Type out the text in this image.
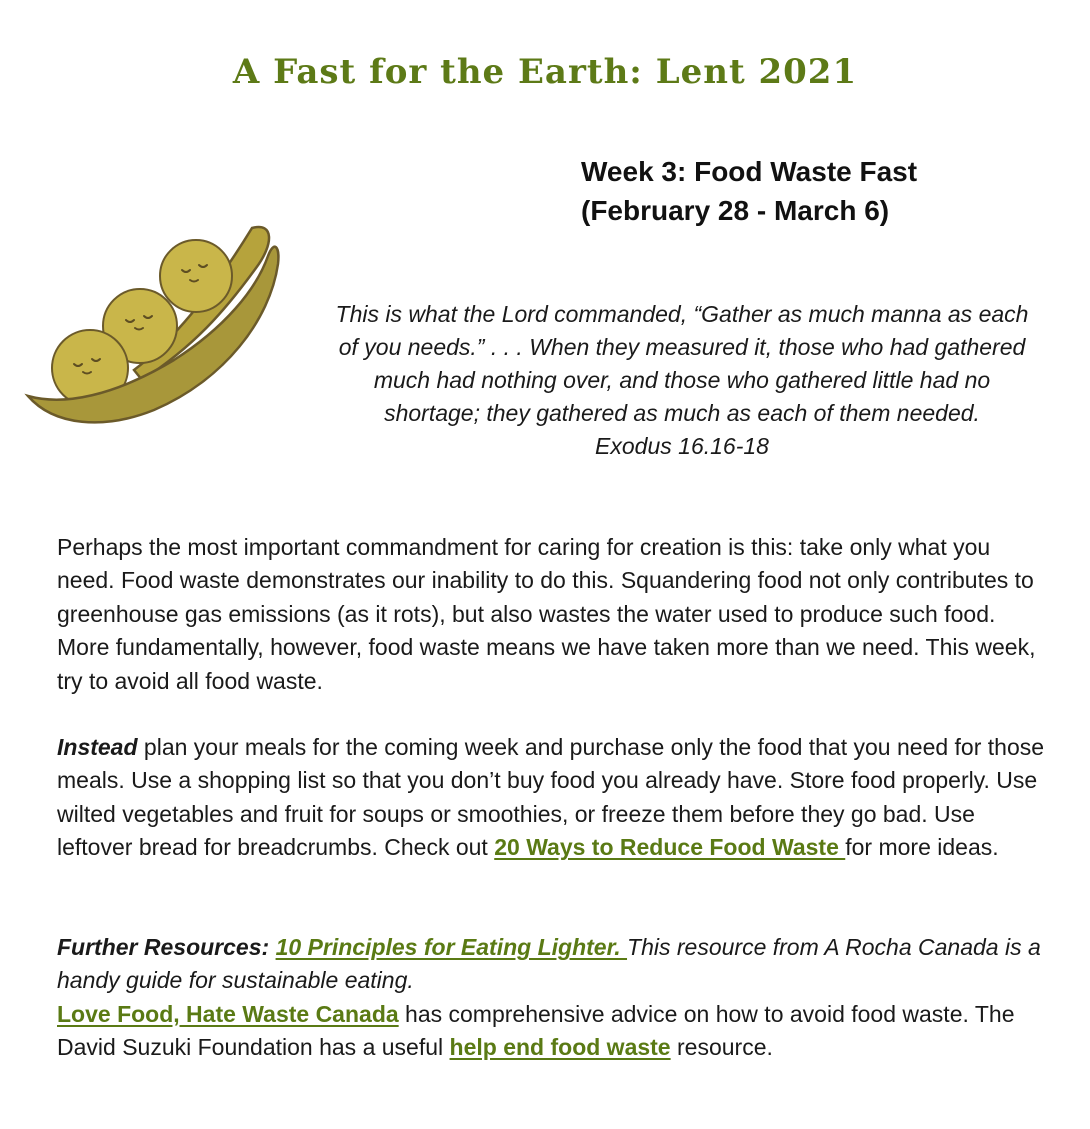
A Fast for the Earth: Lent 2021
Week 3: Food Waste Fast
(February 28 - March 6)
This is what the Lord commanded, “Gather as much manna as each of you needs.” . . . When they measured it, those who had gathered much had nothing over, and those who gathered little had no shortage; they gathered as much as each of them needed.
Exodus 16.16-18
Perhaps the most important commandment for caring for creation is this: take only what you need. Food waste demonstrates our inability to do this. Squandering food not only contributes to greenhouse gas emissions (as it rots), but also wastes the water used to produce such food. More fundamentally, however, food waste means we have taken more than we need. This week, try to avoid all food waste.
Instead plan your meals for the coming week and purchase only the food that you need for those meals. Use a shopping list so that you don’t buy food you already have. Store food properly. Use wilted vegetables and fruit for soups or smoothies, or freeze them before they go bad. Use leftover bread for breadcrumbs. Check out 20 Ways to Reduce Food Waste for more ideas.
Further Resources: 10 Principles for Eating Lighter. This resource from A Rocha Canada is a handy guide for sustainable eating.
Love Food, Hate Waste Canada has comprehensive advice on how to avoid food waste. The David Suzuki Foundation has a useful help end food waste resource.
